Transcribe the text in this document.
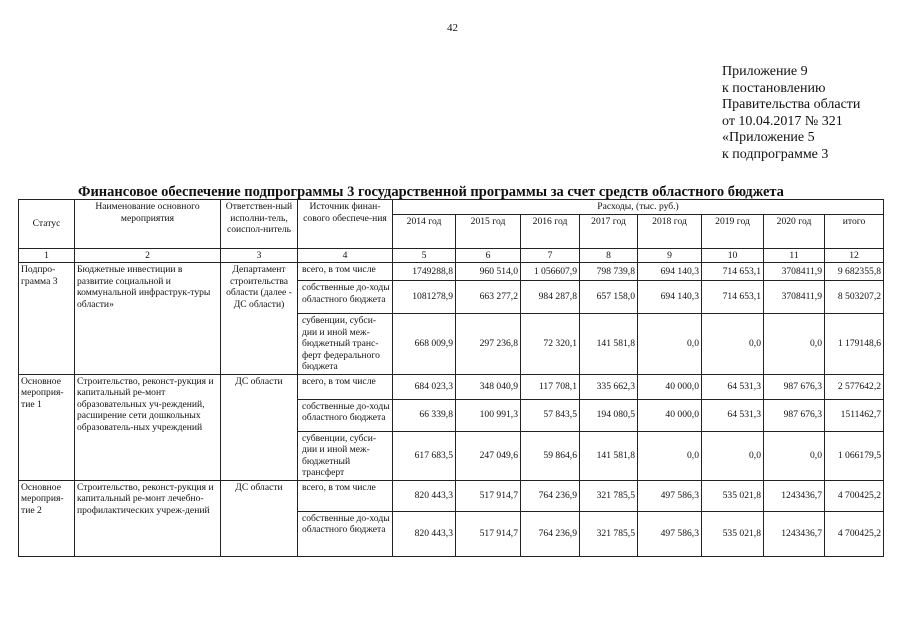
42
Приложение 9
к постановлению
Правительства области
от 10.04.2017 № 321
«Приложение 5
к подпрограмме 3
Финансовое обеспечение подпрограммы 3 государственной программы за счет средств областного бюджета
Статус	Наименование основного мероприятия	Ответствен-ный исполни-тель, соиспол-нитель	Источник финан-сового обеспече-ния	Расходы, (тыс. руб.)							
				2014 год	2015 год	2016 год	2017 год	2018 год	2019 год	2020 год	итого
1	2	3	4	5	6	7	8	9	10	11	12
Подпро-грамма 3	Бюджетные инвестиции в развитие социальной и коммунальной инфраструк-туры области»	Департамент строительства области (далее - ДС области)	всего, в том числе	1749288,8	960 514,0	1 056607,9	798 739,8	694 140,3	714 653,1	3708411,9	9 682355,8
			собственные до-ходы областного бюджета	1081278,9	663 277,2	984 287,8	657 158,0	694 140,3	714 653,1	3708411,9	8 503207,2
			субвенции, субси-дии и иной меж-бюджетный транс-ферт федерального бюджета	668 009,9	297 236,8	72 320,1	141 581,8	0,0	0,0	0,0	1 179148,6
Основное мероприя-тие 1	Строительство, реконст-рукция и капитальный ре-монт образовательных уч-реждений, расширение сети дошкольных образователь-ных учреждений	ДС области	всего, в том числе	684 023,3	348 040,9	117 708,1	335 662,3	40 000,0	64 531,3	987 676,3	2 577642,2
			собственные до-ходы областного бюджета	66 339,8	100 991,3	57 843,5	194 080,5	40 000,0	64 531,3	987 676,3	1511462,7
			субвенции, субси-дии и иной меж-бюджетный трансферт	617 683,5	247 049,6	59 864,6	141 581,8	0,0	0,0	0,0	1 066179,5
Основное мероприя-тие 2	Строительство, реконст-рукция и капитальный ре-монт лечебно-профилактических учреж-дений	ДС области	всего, в том числе	820 443,3	517 914,7	764 236,9	321 785,5	497 586,3	535 021,8	1243436,7	4 700425,2
			собственные до-ходы областного бюджета	820 443,3	517 914,7	764 236,9	321 785,5	497 586,3	535 021,8	1243436,7	4 700425,2
